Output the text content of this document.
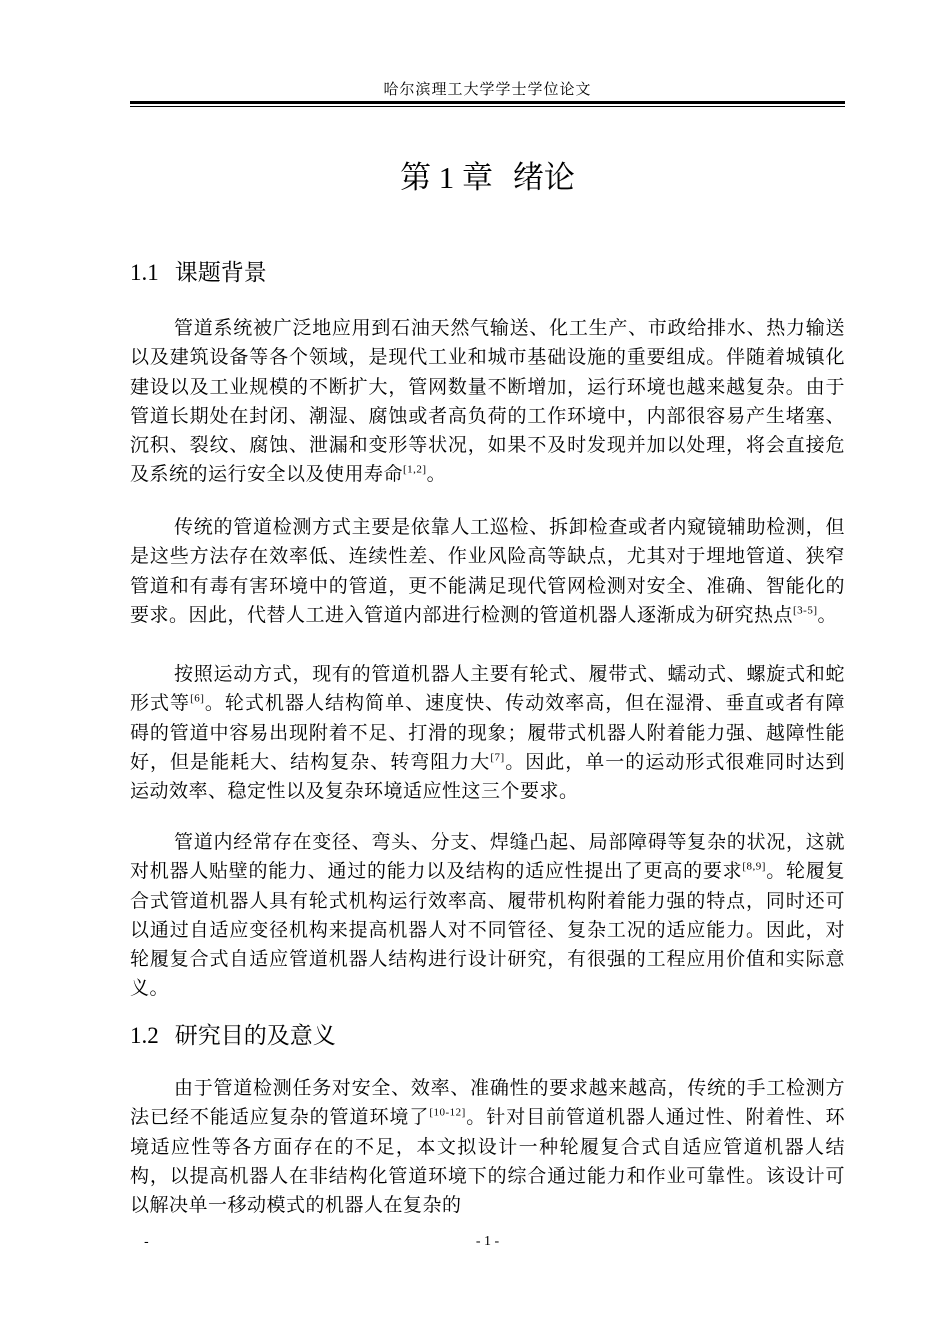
哈尔滨理工大学学士学位论文
第 1 章 绪论
1.1 课题背景
管道系统被广泛地应用到石油天然气输送、化工生产、市政给排水、热力输送以及建筑设备等各个领域，是现代工业和城市基础设施的重要组成。伴随着城镇化建设以及工业规模的不断扩大，管网数量不断增加，运行环境也越来越复杂。由于管道长期处在封闭、潮湿、腐蚀或者高负荷的工作环境中，内部很容易产生堵塞、沉积、裂纹、腐蚀、泄漏和变形等状况，如果不及时发现并加以处理，将会直接危及系统的运行安全以及使用寿命[1,2]。
传统的管道检测方式主要是依靠人工巡检、拆卸检查或者内窥镜辅助检测，但是这些方法存在效率低、连续性差、作业风险高等缺点，尤其对于埋地管道、狭窄管道和有毒有害环境中的管道，更不能满足现代管网检测对安全、准确、智能化的要求。因此，代替人工进入管道内部进行检测的管道机器人逐渐成为研究热点[3-5]。
按照运动方式，现有的管道机器人主要有轮式、履带式、蠕动式、螺旋式和蛇形式等[6]。轮式机器人结构简单、速度快、传动效率高，但在湿滑、垂直或者有障碍的管道中容易出现附着不足、打滑的现象；履带式机器人附着能力强、越障性能好，但是能耗大、结构复杂、转弯阻力大[7]。因此，单一的运动形式很难同时达到运动效率、稳定性以及复杂环境适应性这三个要求。
管道内经常存在变径、弯头、分支、焊缝凸起、局部障碍等复杂的状况，这就对机器人贴壁的能力、通过的能力以及结构的适应性提出了更高的要求[8,9]。轮履复合式管道机器人具有轮式机构运行效率高、履带机构附着能力强的特点，同时还可以通过自适应变径机构来提高机器人对不同管径、复杂工况的适应能力。因此，对轮履复合式自适应管道机器人结构进行设计研究，有很强的工程应用价值和实际意义。
1.2 研究目的及意义
由于管道检测任务对安全、效率、准确性的要求越来越高，传统的手工检测方法已经不能适应复杂的管道环境了[10-12]。针对目前管道机器人通过性、附着性、环境适应性等各方面存在的不足，本文拟设计一种轮履复合式自适应管道机器人结构，以提高机器人在非结构化管道环境下的综合通过能力和作业可靠性。该设计可以解决单一移动模式的机器人在复杂的
-	- 1 -
